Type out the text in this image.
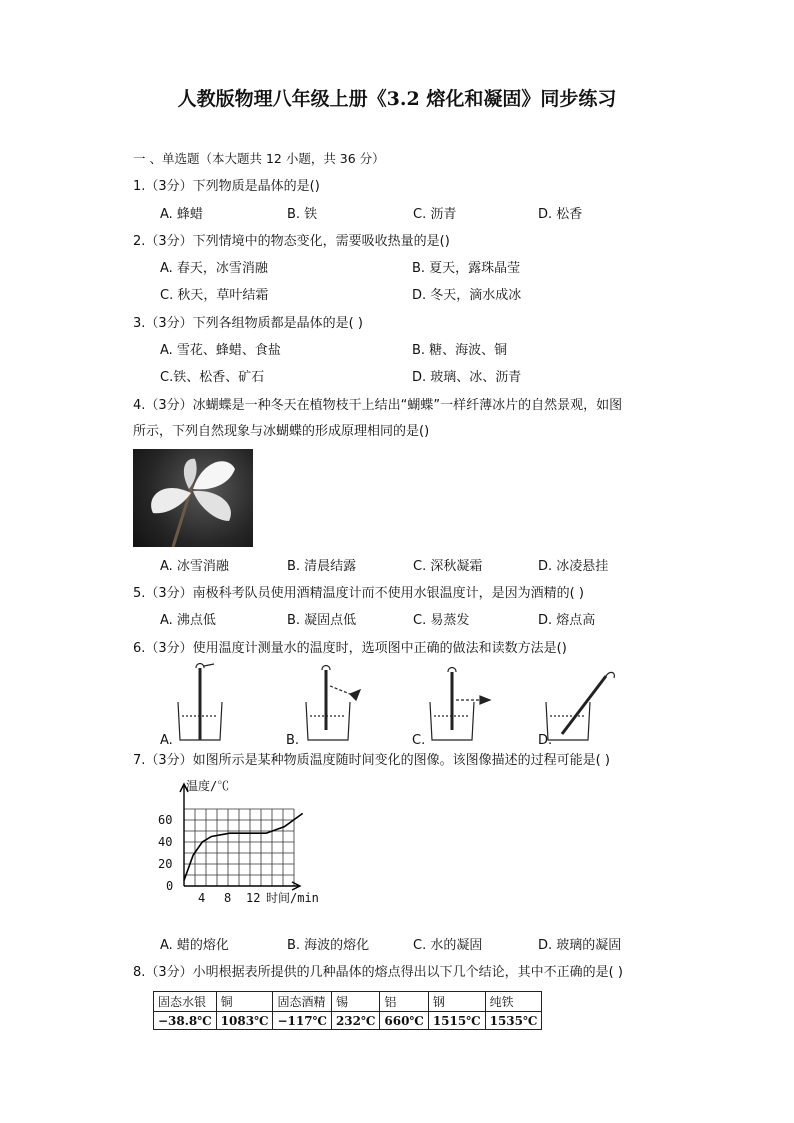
人教版物理八年级上册《3.2 熔化和凝固》同步练习
一 、单选题（本大题共 12 小题，共 36 分）
1.（3分）下列物质是晶体的是()
A. 蜂蜡	B. 铁	C. 沥青	D. 松香
2.（3分）下列情境中的物态变化，需要吸收热量的是()
A. 春天，冰雪消融	B. 夏天，露珠晶莹
C. 秋天，草叶结霜	D. 冬天，滴水成冰
3.（3分）下列各组物质都是晶体的是( )
A. 雪花、蜂蜡、食盐	B. 糖、海波、铜
C.铁、松香、矿石	D. 玻璃、冰、沥青
4.（3分）冰蝴蝶是一种冬天在植物枝干上结出“蝴蝶”一样纤薄冰片的自然景观，如图
所示，下列自然现象与冰蝴蝶的形成原理相同的是()
A. 冰雪消融	B. 清晨结露	C. 深秋凝霜	D. 冰凌悬挂
5.（3分）南极科考队员使用酒精温度计而不使用水银温度计，是因为酒精的( )
A. 沸点低	B. 凝固点低	C. 易蒸发	D. 熔点高
6.（3分）使用温度计测量水的温度时，选项图中正确的做法和读数方法是()
A.	B.	C.	D.
7.（3分）如图所示是某种物质温度随时间变化的图像。该图像描述的过程可能是( )
温度/℃
时间/min
0
20
40
60
4 8 12
A. 蜡的熔化	B. 海波的熔化	C. 水的凝固	D. 玻璃的凝固
8.（3分）小明根据表所提供的几种晶体的熔点得出以下几个结论，其中不正确的是( )
固态水银	铜	固态酒精	锡	铝	钢	纯铁
−38.8℃	1083℃	−117℃	232℃	660℃	1515℃	1535℃
